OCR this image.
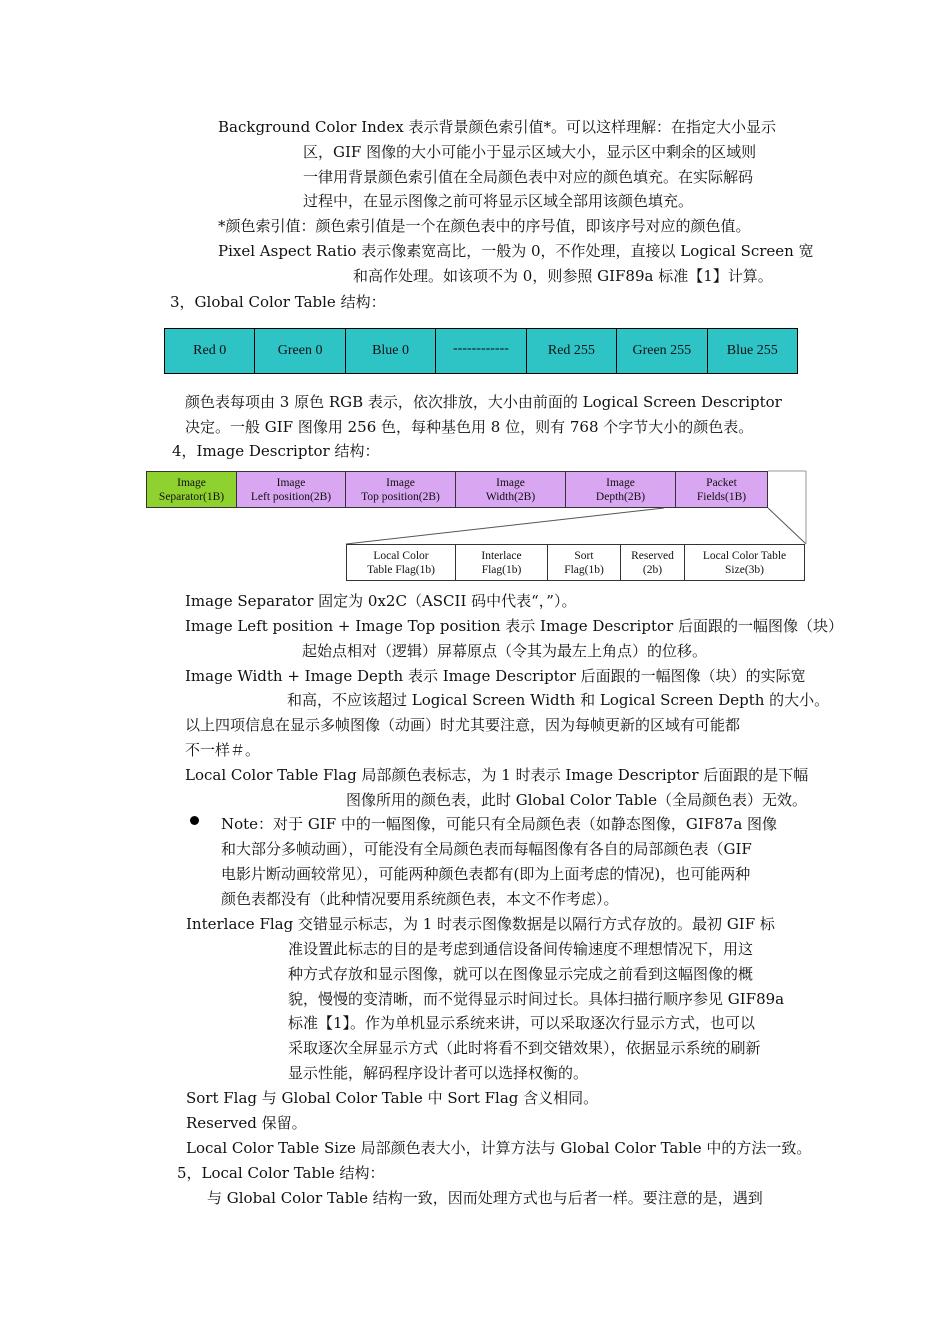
Background Color Index 表示背景颜色索引值*。可以这样理解：在指定大小显示
区，GIF 图像的大小可能小于显示区域大小，显示区中剩余的区域则
一律用背景颜色索引值在全局颜色表中对应的颜色填充。在实际解码
过程中，在显示图像之前可将显示区域全部用该颜色填充。
*颜色索引值：颜色索引值是一个在颜色表中的序号值，即该序号对应的颜色值。
Pixel Aspect Ratio 表示像素宽高比，一般为 0，不作处理，直接以 Logical Screen 宽
和高作处理。如该项不为 0，则参照 GIF89a 标准【1】计算。
3，Global Color Table 结构：
Red 0	Green 0	Blue 0	------------	Red 255	Green 255	Blue 255
颜色表每项由 3 原色 RGB 表示，依次排放，大小由前面的 Logical Screen Descriptor
决定。一般 GIF 图像用 256 色，每种基色用 8 位，则有 768 个字节大小的颜色表。
4，Image Descriptor 结构：
Image
Separator(1B)
Image
Left position(2B)
Image
Top position(2B)
Image
Width(2B)
Image
Depth(2B)
Packet
Fields(1B)
Local Color
Table Flag(1b)
Interlace
Flag(1b)
Sort
Flag(1b)
Reserved
(2b)
Local Color Table
Size(3b)
Image Separator 固定为 0x2C（ASCII 码中代表“，”）。
Image Left position + Image Top position 表示 Image Descriptor 后面跟的一幅图像（块）
起始点相对（逻辑）屏幕原点（令其为最左上角点）的位移。
Image Width + Image Depth 表示 Image Descriptor 后面跟的一幅图像（块）的实际宽
和高，不应该超过 Logical Screen Width 和 Logical Screen Depth 的大小。
以上四项信息在显示多帧图像（动画）时尤其要注意，因为每帧更新的区域有可能都
不一样＃。
Local Color Table Flag 局部颜色表标志，为 1 时表示 Image Descriptor 后面跟的是下幅
图像所用的颜色表，此时 Global Color Table（全局颜色表）无效。
Note：对于 GIF 中的一幅图像，可能只有全局颜色表（如静态图像，GIF87a 图像
和大部分多帧动画），可能没有全局颜色表而每幅图像有各自的局部颜色表（GIF
电影片断动画较常见），可能两种颜色表都有(即为上面考虑的情况)，也可能两种
颜色表都没有（此种情况要用系统颜色表，本文不作考虑）。
Interlace Flag 交错显示标志，为 1 时表示图像数据是以隔行方式存放的。最初 GIF 标
准设置此标志的目的是考虑到通信设备间传输速度不理想情况下，用这
种方式存放和显示图像，就可以在图像显示完成之前看到这幅图像的概
貌，慢慢的变清晰，而不觉得显示时间过长。具体扫描行顺序参见 GIF89a
标准【1】。作为单机显示系统来讲，可以采取逐次行显示方式，也可以
采取逐次全屏显示方式（此时将看不到交错效果），依据显示系统的刷新
显示性能，解码程序设计者可以选择权衡的。
Sort Flag 与 Global Color Table 中 Sort Flag 含义相同。
Reserved 保留。
Local Color Table Size 局部颜色表大小，计算方法与 Global Color Table 中的方法一致。
5，Local Color Table 结构：
与 Global Color Table 结构一致，因而处理方式也与后者一样。要注意的是，遇到
